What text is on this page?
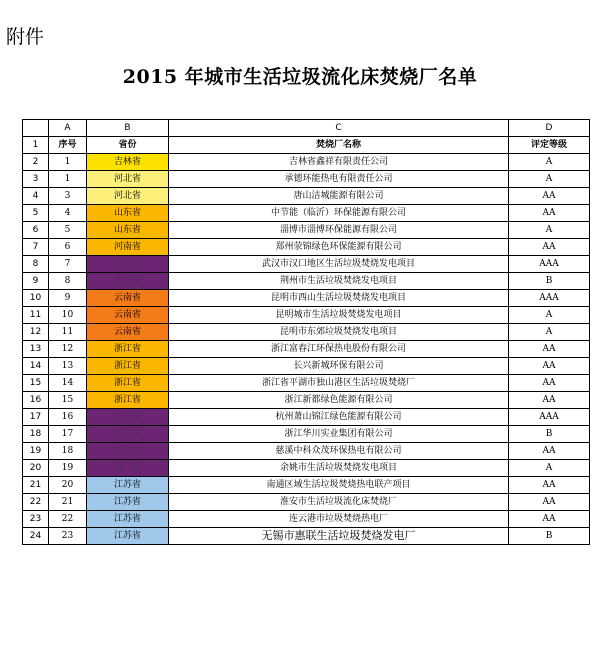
附件
2015 年城市生活垃圾流化床焚烧厂名单
	A	B	C	D
1	序号	省份	焚烧厂名称	评定等级
2	1	吉林省	吉林省鑫祥有限责任公司	A
3	1	河北省	承德环能热电有限责任公司	A
4	3	河北省	唐山洁城能源有限公司	AA
5	4	山东省	中节能（临沂）环保能源有限公司	AA
6	5	山东省	淄博市淄博环保能源有限公司	A
7	6	河南省	郑州荥锦绿色环保能源有限公司	AA
8	7	湖北省	武汉市汉口地区生活垃圾焚烧发电项目	AAA
9	8	湖北省	荆州市生活垃圾焚烧发电项目	B
10	9	云南省	昆明市西山生活垃圾焚烧发电项目	AAA
11	10	云南省	昆明城市生活垃圾焚烧发电项目	A
12	11	云南省	昆明市东郊垃圾焚烧发电项目	A
13	12	浙江省	浙江富春江环保热电股份有限公司	AA
14	13	浙江省	长兴新城环保有限公司	AA
15	14	浙江省	浙江省平湖市独山港区生活垃圾焚烧厂	AA
16	15	浙江省	浙江新都绿色能源有限公司	AA
17	16	浙江省	杭州萧山锦江绿色能源有限公司	AAA
18	17	浙江省	浙江华川实业集团有限公司	B
19	18	浙江省	慈溪中科众茂环保热电有限公司	AA
20	19	浙江省	余姚市生活垃圾焚烧发电项目	A
21	20	江苏省	南通区域生活垃圾焚烧热电联产项目	AA
22	21	江苏省	淮安市生活垃圾流化床焚烧厂	AA
23	22	江苏省	连云港市垃圾焚烧热电厂	AA
24	23	江苏省	无锡市惠联生活垃圾焚烧发电厂	B
